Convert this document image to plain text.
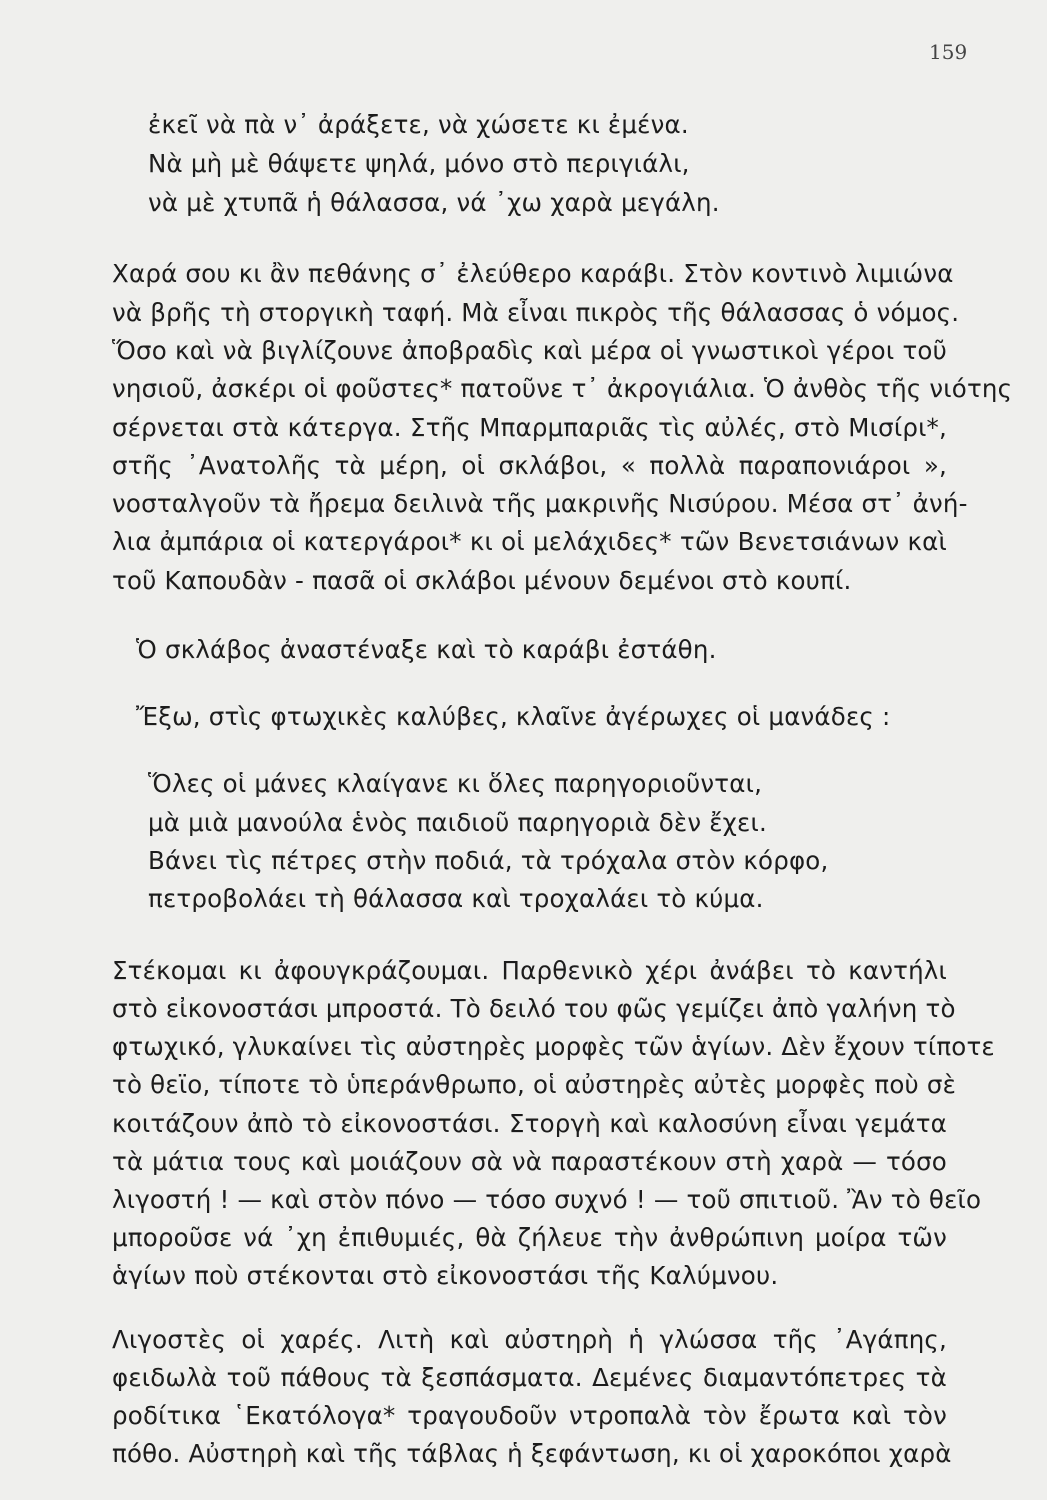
159
ἐκεῖ νὰ πὰ ν᾿ ἀράξετε, νὰ χώσετε κι ἐμένα.
Νὰ μὴ μὲ θάψετε ψηλά, μόνο στὸ περιγιάλι,
νὰ μὲ χτυπᾶ ἡ θάλασσα, νά ᾿χω χαρὰ μεγάλη.
Χαρά σου κι ἂν πεθάνης σ᾿ ἐλεύθερο καράβι. Στὸν κοντινὸ λιμιώνα
νὰ βρῆς τὴ στοργικὴ ταφή. Μὰ εἶναι πικρὸς τῆς θάλασσας ὁ νόμος.
Ὅσο καὶ νὰ βιγλίζουνε ἀποβραδὶς καὶ μέρα οἱ γνωστικοὶ γέροι τοῦ
νησιοῦ, ἀσκέρι οἱ φοῦστες* πατοῦνε τ᾿ ἀκρογιάλια. Ὁ ἀνθὸς τῆς νιότης
σέρνεται στὰ κάτεργα. Στῆς Μπαρμπαριᾶς τὶς αὐλές, στὸ Μισίρι*,
στῆς ᾿Ανατολῆς τὰ μέρη, οἱ σκλάβοι, « πολλὰ παραπονιάροι »,
νοσταλγοῦν τὰ ἤρεμα δειλινὰ τῆς μακρινῆς Νισύρου. Μέσα στ᾿ ἀνή-
λια ἀμπάρια οἱ κατεργάροι* κι οἱ μελάχιδες* τῶν Βενετσιάνων καὶ
τοῦ Καπουδὰν - πασᾶ οἱ σκλάβοι μένουν δεμένοι στὸ κουπί.
Ὁ σκλάβος ἀναστέναξε καὶ τὸ καράβι ἐστάθη.
Ἔξω, στὶς φτωχικὲς καλύβες, κλαῖνε ἀγέρωχες οἱ μανάδες :
Ὅλες οἱ μάνες κλαίγανε κι ὅλες παρηγοριοῦνται,
μὰ μιὰ μανούλα ἑνὸς παιδιοῦ παρηγοριὰ δὲν ἔχει.
Βάνει τὶς πέτρες στὴν ποδιά, τὰ τρόχαλα στὸν κόρφο,
πετροβολάει τὴ θάλασσα καὶ τροχαλάει τὸ κύμα.
Στέκομαι κι ἀφουγκράζουμαι. Παρθενικὸ χέρι ἀνάβει τὸ καντήλι
στὸ εἰκονοστάσι μπροστά. Τὸ δειλό του φῶς γεμίζει ἀπὸ γαλήνη τὸ
φτωχικό, γλυκαίνει τὶς αὐστηρὲς μορφὲς τῶν ἁγίων. Δὲν ἔχουν τίποτε
τὸ θεϊο, τίποτε τὸ ὑπεράνθρωπο, οἱ αὐστηρὲς αὐτὲς μορφὲς ποὺ σὲ
κοιτάζουν ἀπὸ τὸ εἰκονοστάσι. Στοργὴ καὶ καλοσύνη εἶναι γεμάτα
τὰ μάτια τους καὶ μοιάζουν σὰ νὰ παραστέκουν στὴ χαρὰ — τόσο
λιγοστή ! — καὶ στὸν πόνο — τόσο συχνό ! — τοῦ σπιτιοῦ. Ἂν τὸ θεῖο
μποροῦσε νά ᾿χη ἐπιθυμιές, θὰ ζήλευε τὴν ἀνθρώπινη μοίρα τῶν
ἁγίων ποὺ στέκονται στὸ εἰκονοστάσι τῆς Καλύμνου.
Λιγοστὲς οἱ χαρές. Λιτὴ καὶ αὐστηρὴ ἡ γλώσσα τῆς ᾿Αγάπης,
φειδωλὰ τοῦ πάθους τὰ ξεσπάσματα. Δεμένες διαμαντόπετρες τὰ
ροδίτικα ῾Εκατόλογα* τραγουδοῦν ντροπαλὰ τὸν ἔρωτα καὶ τὸν
πόθο. Αὐστηρὴ καὶ τῆς τάβλας ἡ ξεφάντωση, κι οἱ χαροκόποι χαρὰ
